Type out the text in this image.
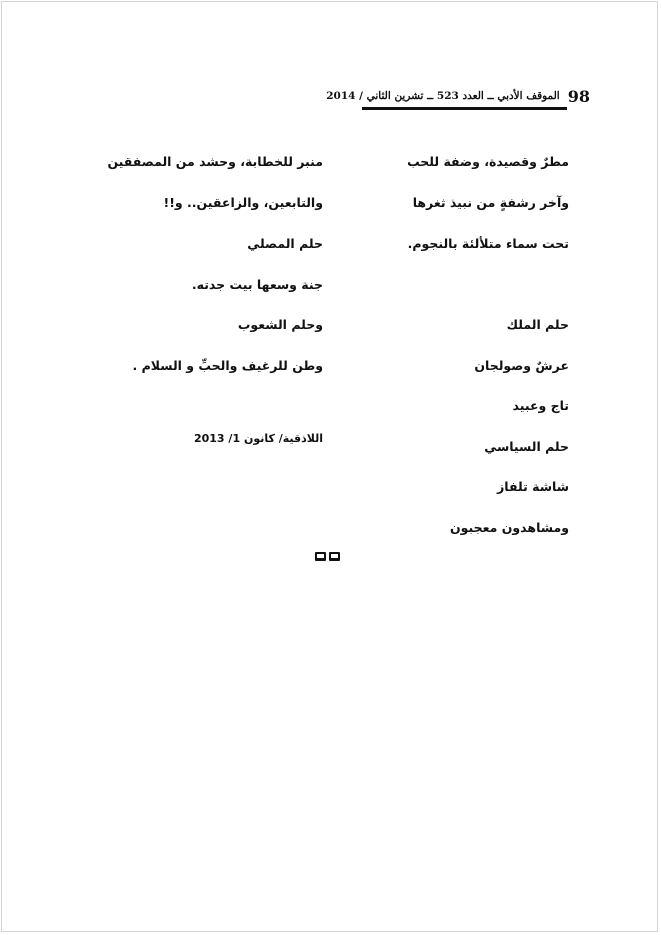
98
الموقف الأدبي ــ العدد 523 ــ تشرين الثاني / 2014
مطرٌ وقصيدة، وضفة للحب
وآخر رشفةٍ من نبيذ ثغرها
تحت سماء متلألئة بالنجوم.
حلم الملك
عرشٌ وصولجان
تاج وعبيد
حلم السياسي
شاشة تلفاز
ومشاهدون معجبون
منبر للخطابة، وحشد من المصفقين
والتابعين، والزاعقين.. و!!
حلم المصلي
جنة وسعها بيت جدته.
وحلم الشعوب
وطن للرغيف والحبِّ و السلام .
اللاذقية/ كانون 1/ 2013
